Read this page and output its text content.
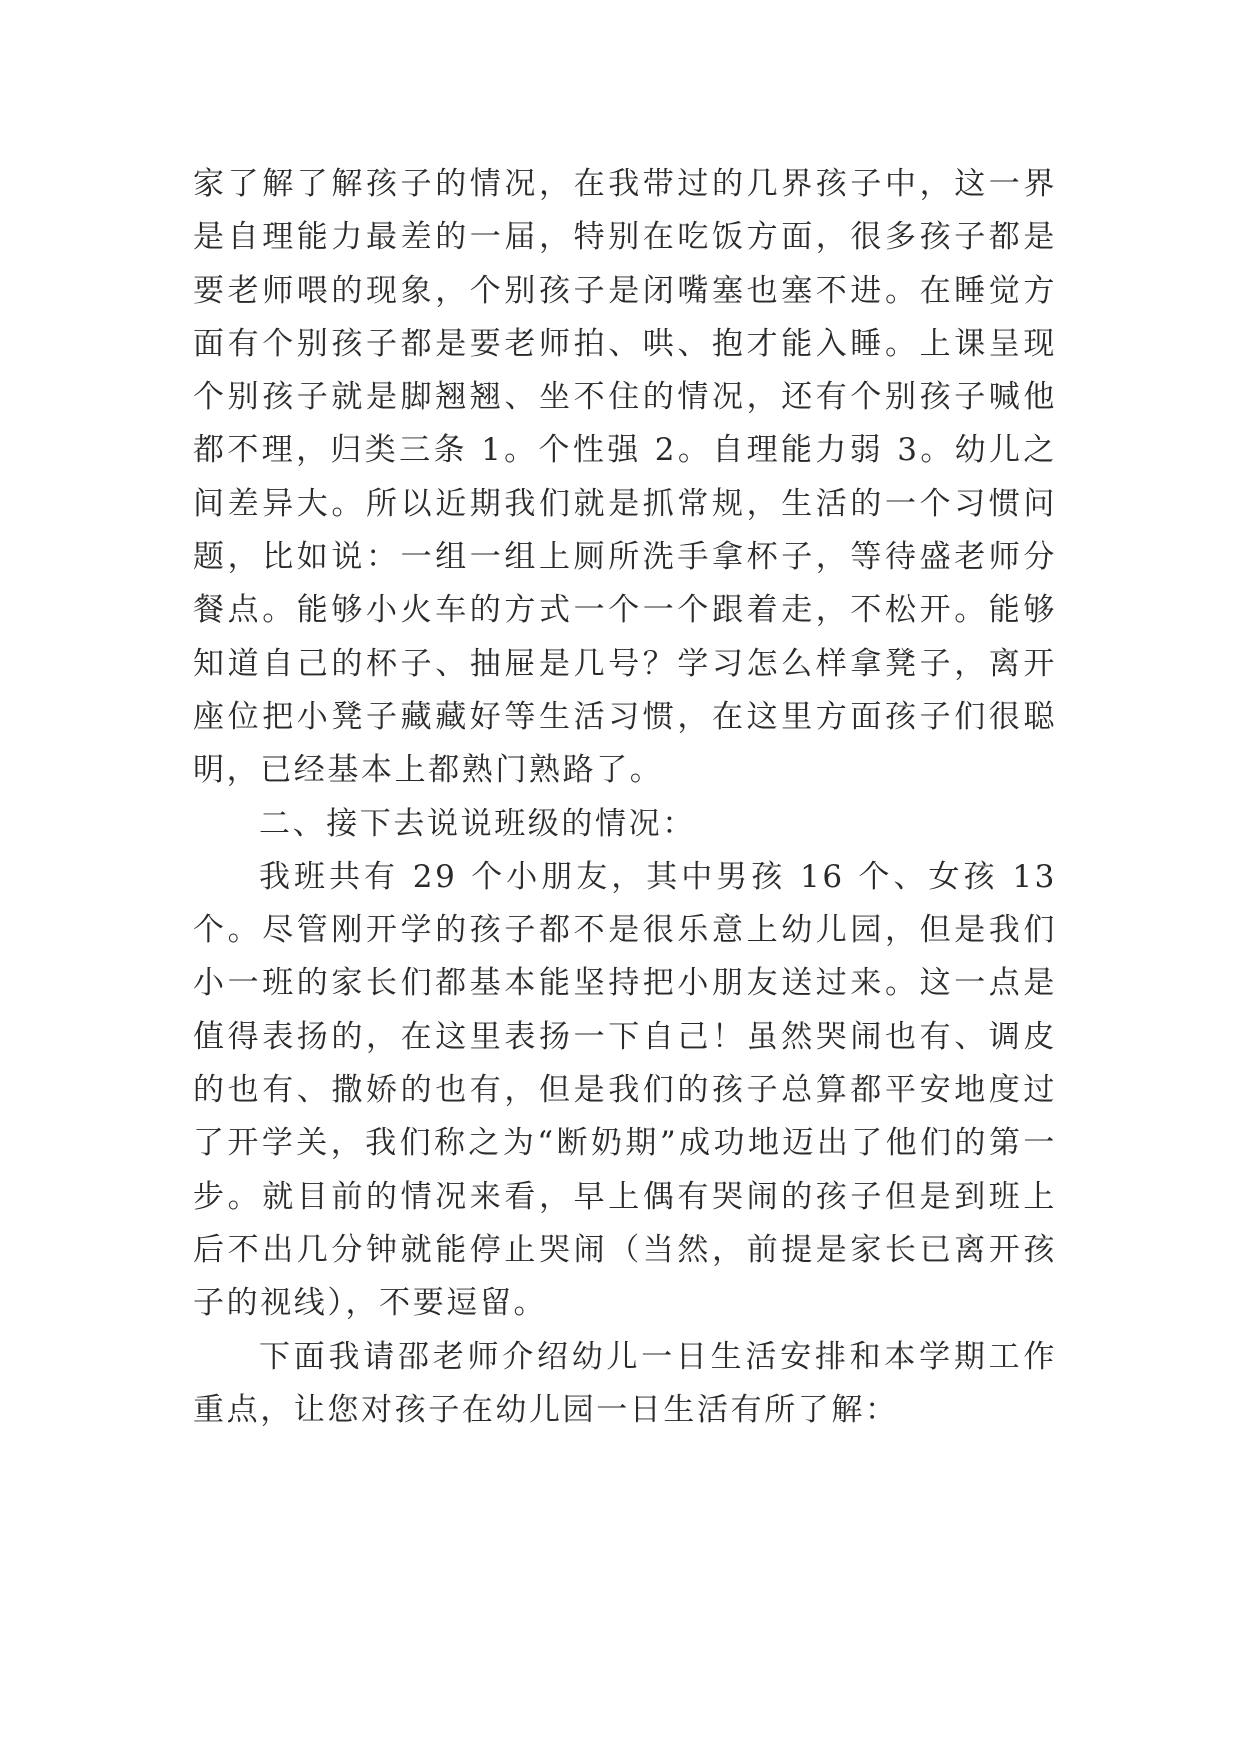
家了解了解孩子的情况，在我带过的几界孩子中，这一界是自理能力最差的一届，特别在吃饭方面，很多孩子都是要老师喂的现象，个别孩子是闭嘴塞也塞不进。在睡觉方面有个别孩子都是要老师拍、哄、抱才能入睡。上课呈现个别孩子就是脚翘翘、坐不住的情况，还有个别孩子喊他都不理，归类三条 1。个性强 2。自理能力弱 3。幼儿之间差异大。所以近期我们就是抓常规，生活的一个习惯问题，比如说：一组一组上厕所洗手拿杯子，等待盛老师分餐点。能够小火车的方式一个一个跟着走，不松开。能够知道自己的杯子、抽屉是几号？学习怎么样拿凳子，离开座位把小凳子藏藏好等生活习惯，在这里方面孩子们很聪明，已经基本上都熟门熟路了。

二、接下去说说班级的情况：

我班共有 29 个小朋友，其中男孩 16 个、女孩 13 个。尽管刚开学的孩子都不是很乐意上幼儿园，但是我们小一班的家长们都基本能坚持把小朋友送过来。这一点是值得表扬的，在这里表扬一下自己！虽然哭闹也有、调皮的也有、撒娇的也有，但是我们的孩子总算都平安地度过了开学关，我们称之为“断奶期”成功地迈出了他们的第一步。就目前的情况来看，早上偶有哭闹的孩子但是到班上后不出几分钟就能停止哭闹（当然，前提是家长已离开孩子的视线），不要逗留。

下面我请邵老师介绍幼儿一日生活安排和本学期工作重点，让您对孩子在幼儿园一日生活有所了解：
